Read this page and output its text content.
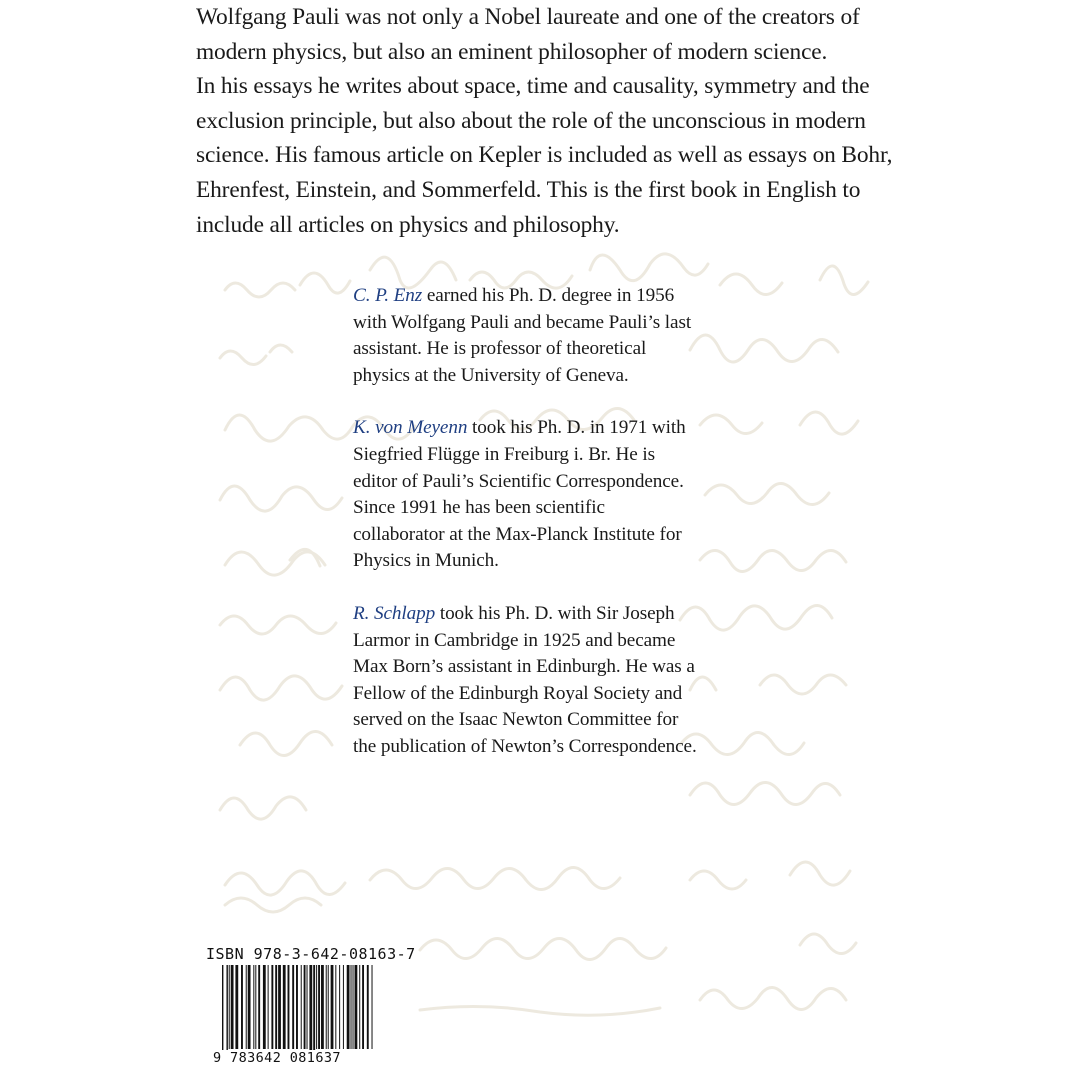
Wolfgang Pauli was not only a Nobel laureate and one of the creators of modern physics, but also an eminent philosopher of modern science.

In his essays he writes about space, time and causality, symmetry and the exclusion principle, but also about the role of the unconscious in modern science. His famous article on Kepler is included as well as essays on Bohr, Ehrenfest, Einstein, and Sommerfeld. This is the first book in English to include all articles on physics and philosophy.

C. P. Enz earned his Ph. D. degree in 1956 with Wolfgang Pauli and became Pauli’s last assistant. He is professor of theoretical physics at the University of Geneva.

K. von Meyenn took his Ph. D. in 1971 with Siegfried Flügge in Freiburg i. Br. He is editor of Pauli’s Scientific Correspondence. Since 1991 he has been scientific collaborator at the Max-Planck Institute for Physics in Munich.

R. Schlapp took his Ph. D. with Sir Joseph Larmor in Cambridge in 1925 and became Max Born’s assistant in Edinburgh. He was a Fellow of the Edinburgh Royal Society and served on the Isaac Newton Committee for the publication of Newton’s Correspondence.

ISBN 978-3-642-08163-7
9 783642 081637
